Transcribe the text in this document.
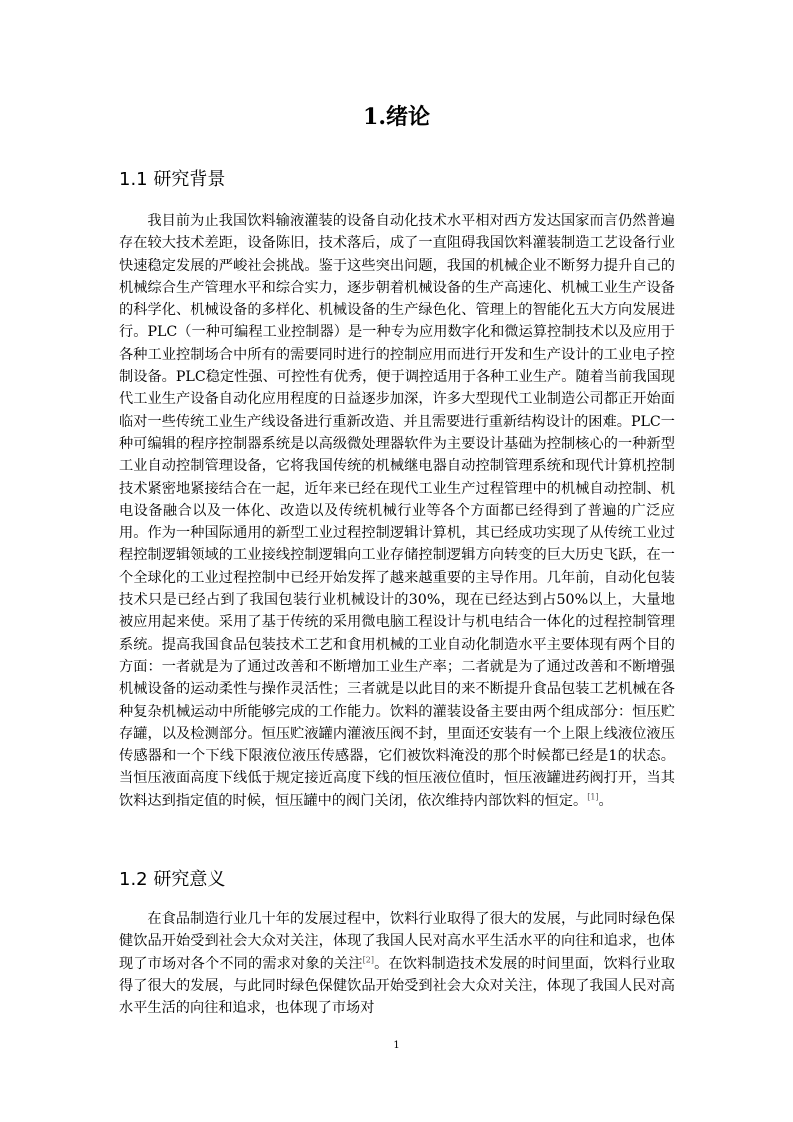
1.绪论
1.1 研究背景

我目前为止我国饮料输液灌装的设备自动化技术水平相对西方发达国家而言仍然普遍存在较大技术差距，设备陈旧，技术落后，成了一直阻碍我国饮料灌装制造工艺设备行业快速稳定发展的严峻社会挑战。鉴于这些突出问题，我国的机械企业不断努力提升自己的机械综合生产管理水平和综合实力，逐步朝着机械设备的生产高速化、机械工业生产设备的科学化、机械设备的多样化、机械设备的生产绿色化、管理上的智能化五大方向发展进行。PLC（一种可编程工业控制器）是一种专为应用数字化和微运算控制技术以及应用于各种工业控制场合中所有的需要同时进行的控制应用而进行开发和生产设计的工业电子控制设备。PLC稳定性强、可控性有优秀，便于调控适用于各种工业生产。随着当前我国现代工业生产设备自动化应用程度的日益逐步加深，许多大型现代工业制造公司都正开始面临对一些传统工业生产线设备进行重新改造、并且需要进行重新结构设计的困难。PLC一种可编辑的程序控制器系统是以高级微处理器软件为主要设计基础为控制核心的一种新型工业自动控制管理设备，它将我国传统的机械继电器自动控制管理系统和现代计算机控制技术紧密地紧接结合在一起，近年来已经在现代工业生产过程管理中的机械自动控制、机电设备融合以及一体化、改造以及传统机械行业等各个方面都已经得到了普遍的广泛应用。作为一种国际通用的新型工业过程控制逻辑计算机，其已经成功实现了从传统工业过程控制逻辑领域的工业接线控制逻辑向工业存储控制逻辑方向转变的巨大历史飞跃，在一个全球化的工业过程控制中已经开始发挥了越来越重要的主导作用。几年前，自动化包装技术只是已经占到了我国包装行业机械设计的30%，现在已经达到占50%以上，大量地被应用起来使。采用了基于传统的采用微电脑工程设计与机电结合一体化的过程控制管理系统。提高我国食品包装技术工艺和食用机械的工业自动化制造水平主要体现有两个目的方面：一者就是为了通过改善和不断增加工业生产率；二者就是为了通过改善和不断增强机械设备的运动柔性与操作灵活性；三者就是以此目的来不断提升食品包装工艺机械在各种复杂机械运动中所能够完成的工作能力。饮料的灌装设备主要由两个组成部分：恒压贮存罐，以及检测部分。恒压贮液罐内灌液压阀不封，里面还安装有一个上限上线液位液压传感器和一个下线下限液位液压传感器，它们被饮料淹没的那个时候都已经是1的状态。当恒压液面高度下线低于规定接近高度下线的恒压液位值时，恒压液罐进药阀打开，当其饮料达到指定值的时候，恒压罐中的阀门关闭，依次维持内部饮料的恒定。[1]。

1.2 研究意义

在食品制造行业几十年的发展过程中，饮料行业取得了很大的发展，与此同时绿色保健饮品开始受到社会大众对关注，体现了我国人民对高水平生活水平的向往和追求，也体现了市场对各个不同的需求对象的关注[2]。在饮料制造技术发展的时间里面，饮料行业取得了很大的发展，与此同时绿色保健饮品开始受到社会大众对关注，体现了我国人民对高水平生活的向往和追求，也体现了市场对

1
